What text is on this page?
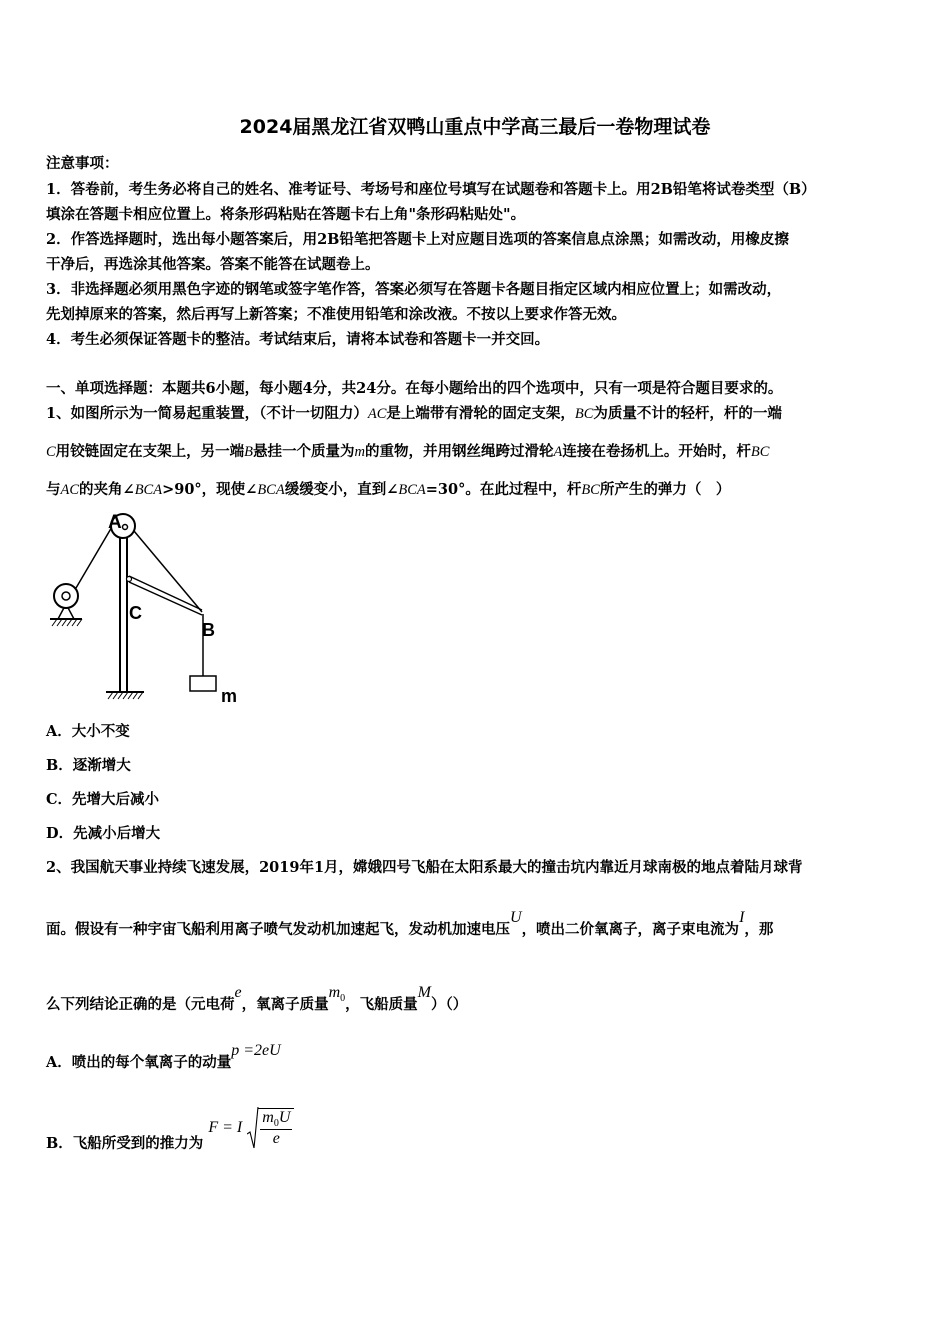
2024届黑龙江省双鸭山重点中学高三最后一卷物理试卷
注意事项：
1．答卷前，考生务必将自己的姓名、准考证号、考场号和座位号填写在试题卷和答题卡上。用2B铅笔将试卷类型（B）
填涂在答题卡相应位置上。将条形码粘贴在答题卡右上角"条形码粘贴处"。
2．作答选择题时，选出每小题答案后，用2B铅笔把答题卡上对应题目选项的答案信息点涂黑；如需改动，用橡皮擦
干净后，再选涂其他答案。答案不能答在试题卷上。
3．非选择题必须用黑色字迹的钢笔或签字笔作答，答案必须写在答题卡各题目指定区域内相应位置上；如需改动，
先划掉原来的答案，然后再写上新答案；不准使用铅笔和涂改液。不按以上要求作答无效。
4．考生必须保证答题卡的整洁。考试结束后，请将本试卷和答题卡一并交回。
一、单项选择题：本题共6小题，每小题4分，共24分。在每小题给出的四个选项中，只有一项是符合题目要求的。
1、如图所示为一简易起重装置，（不计一切阻力）AC是上端带有滑轮的固定支架，BC为质量不计的轻杆，杆的一端
C用铰链固定在支架上，另一端B悬挂一个质量为m的重物，并用钢丝绳跨过滑轮A连接在卷扬机上。开始时，杆BC
与AC的夹角∠BCA>90°，现使∠BCA缓缓变小，直到∠BCA=30°。在此过程中，杆BC所产生的弹力（　）
A
C
B
m
A．大小不变
B．逐渐增大
C．先增大后减小
D．先减小后增大
2、我国航天事业持续飞速发展，2019年1月，嫦娥四号飞船在太阳系最大的撞击坑内靠近月球南极的地点着陆月球背
面。假设有一种宇宙飞船利用离子喷气发动机加速起飞，发动机加速电压U，喷出二价氧离子，离子束电流为I，那
么下列结论正确的是（元电荷e，氧离子质量$m_0$，飞船质量M）（）
A．喷出的每个氧离子的动量p =2eU
B．飞船所受到的推力为 F = I $\frac{m_0U}{e}$
